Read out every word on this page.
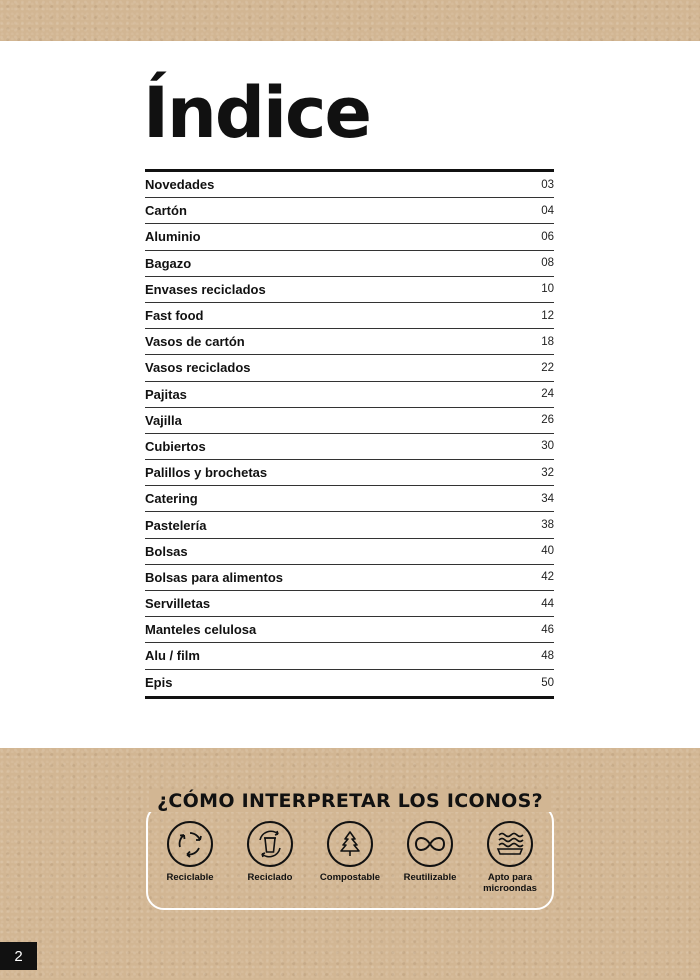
Índice
Novedades	03
Cartón	04
Aluminio	06
Bagazo	08
Envases reciclados	10
Fast food	12
Vasos de cartón	18
Vasos reciclados	22
Pajitas	24
Vajilla	26
Cubiertos	30
Palillos y brochetas	32
Catering	34
Pastelería	38
Bolsas	40
Bolsas para alimentos	42
Servilletas	44
Manteles celulosa	46
Alu / film	48
Epis	50
¿CÓMO INTERPRETAR LOS ICONOS?
Reciclable	Reciclado	Compostable	Reutilizable	Apto para microondas
2
